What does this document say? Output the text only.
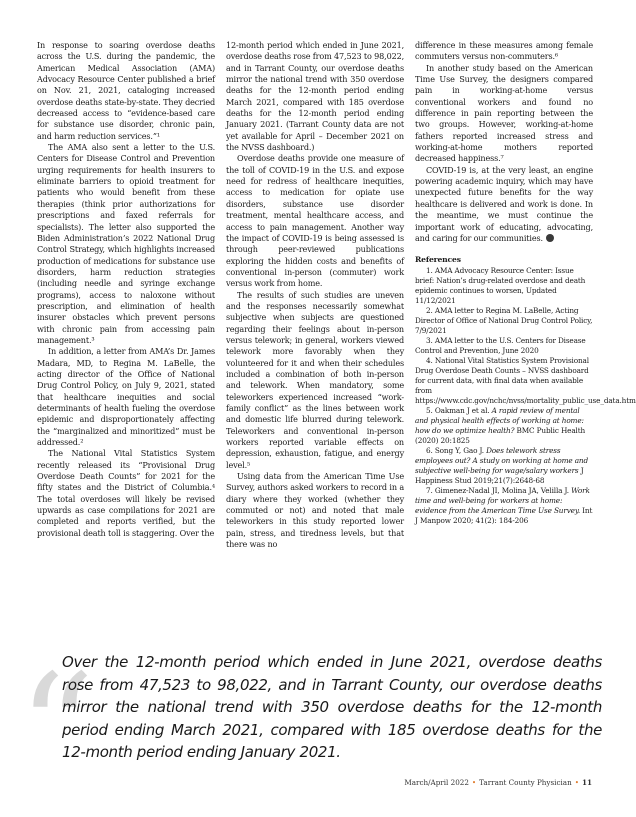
In response to soaring overdose deaths across the U.S. during the pandemic, the American Medical Association (AMA) Advocacy Resource Center published a brief on Nov. 21, 2021, cataloging increased overdose deaths state-by-state. They decried decreased access to “evidence-based care for substance use disorder, chronic pain, and harm reduction services.”¹

The AMA also sent a letter to the U.S. Centers for Disease Control and Prevention urging requirements for health insurers to eliminate barriers to opioid treatment for patients who would benefit from these therapies (think prior authorizations for prescriptions and faxed referrals for specialists). The letter also supported the Biden Administration’s 2022 National Drug Control Strategy, which highlights increased production of medications for substance use disorders, harm reduction strategies (including needle and syringe exchange programs), access to naloxone without prescription, and elimination of health insurer obstacles which prevent persons with chronic pain from accessing pain management.³

In addition, a letter from AMA’s Dr. James Madara, MD, to Regina M. LaBelle, the acting director of the Office of National Drug Control Policy, on July 9, 2021, stated that healthcare inequities and social determinants of health fueling the overdose epidemic and disproportionately affecting the “marginalized and minoritized” must be addressed.²

The National Vital Statistics System recently released its “Provisional Drug Overdose Death Counts” for 2021 for the fifty states and the District of Columbia.⁴ The total overdoses will likely be revised upwards as case compilations for 2021 are completed and reports verified, but the provisional death toll is staggering. Over the

12-month period which ended in June 2021, overdose deaths rose from 47,523 to 98,022, and in Tarrant County, our overdose deaths mirror the national trend with 350 overdose deaths for the 12-month period ending March 2021, compared with 185 overdose deaths for the 12-month period ending January 2021. (Tarrant County data are not yet available for April – December 2021 on the NVSS dashboard.)

Overdose deaths provide one measure of the toll of COVID-19 in the U.S. and expose need for redress of healthcare inequities, access to medication for opiate use disorders, substance use disorder treatment, mental healthcare access, and access to pain management. Another way the impact of COVID-19 is being assessed is through peer-reviewed publications exploring the hidden costs and benefits of conventional in-person (commuter) work versus work from home.

The results of such studies are uneven and the responses necessarily somewhat subjective when subjects are questioned regarding their feelings about in-person versus telework; in general, workers viewed telework more favorably when they volunteered for it and when their schedules included a combination of both in-person and telework. When mandatory, some teleworkers experienced increased “work-family conflict” as the lines between work and domestic life blurred during telework. Teleworkers and conventional in-person workers reported variable effects on depression, exhaustion, fatigue, and energy level.⁵

Using data from the American Time Use Survey, authors asked workers to record in a diary where they worked (whether they commuted or not) and noted that male teleworkers in this study reported lower pain, stress, and tiredness levels, but that there was no

difference in these measures among female commuters versus non-commuters.⁶

In another study based on the American Time Use Survey, the designers compared pain in working-at-home versus conventional workers and found no difference in pain reporting between the two groups. However, working-at-home fathers reported increased stress and working-at-home mothers reported decreased happiness.⁷

COVID-19 is, at the very least, an engine powering academic inquiry, which may have unexpected future benefits for the way healthcare is delivered and work is done. In the meantime, we must continue the important work of educating, advocating, and caring for our communities.

References

1. AMA Advocacy Resource Center: Issue brief: Nation’s drug-related overdose and death epidemic continues to worsen, Updated 11/12/2021

2. AMA letter to Regina M. LaBelle, Acting Director of Office of National Drug Control Policy, 7/9/2021

3. AMA letter to the U.S. Centers for Disease Control and Prevention, June 2020

4. National Vital Statistics System Provisional Drug Overdose Death Counts – NVSS dashboard for current data, with final data when available from https://www.cdc.gov/nchc/nvss/mortality_public_use_data.htm

5. Oakman J et al. A rapid review of mental and physical health effects of working at home: how do we optimize health? BMC Public Health (2020) 20:1825

6. Song Y, Gao J. Does telework stress employees out? A study on working at home and subjective well-being for wage/salary workers J Happiness Stud 2019;21(7):2648-68

7. Gimenez-Nadal JI, Molina JA, Velilla J. Work time and well-being for workers at home: evidence from the American Time Use Survey. Int J Manpow 2020; 41(2): 184-206

“
Over the 12-month period which ended in June 2021, overdose deaths rose from 47,523 to 98,022, and in Tarrant County, our overdose deaths mirror the national trend with 350 overdose deaths for the 12-month period ending March 2021, compared with 185 overdose deaths for the 12-month period ending January 2021.
March/April 2022 • Tarrant County Physician • 11
